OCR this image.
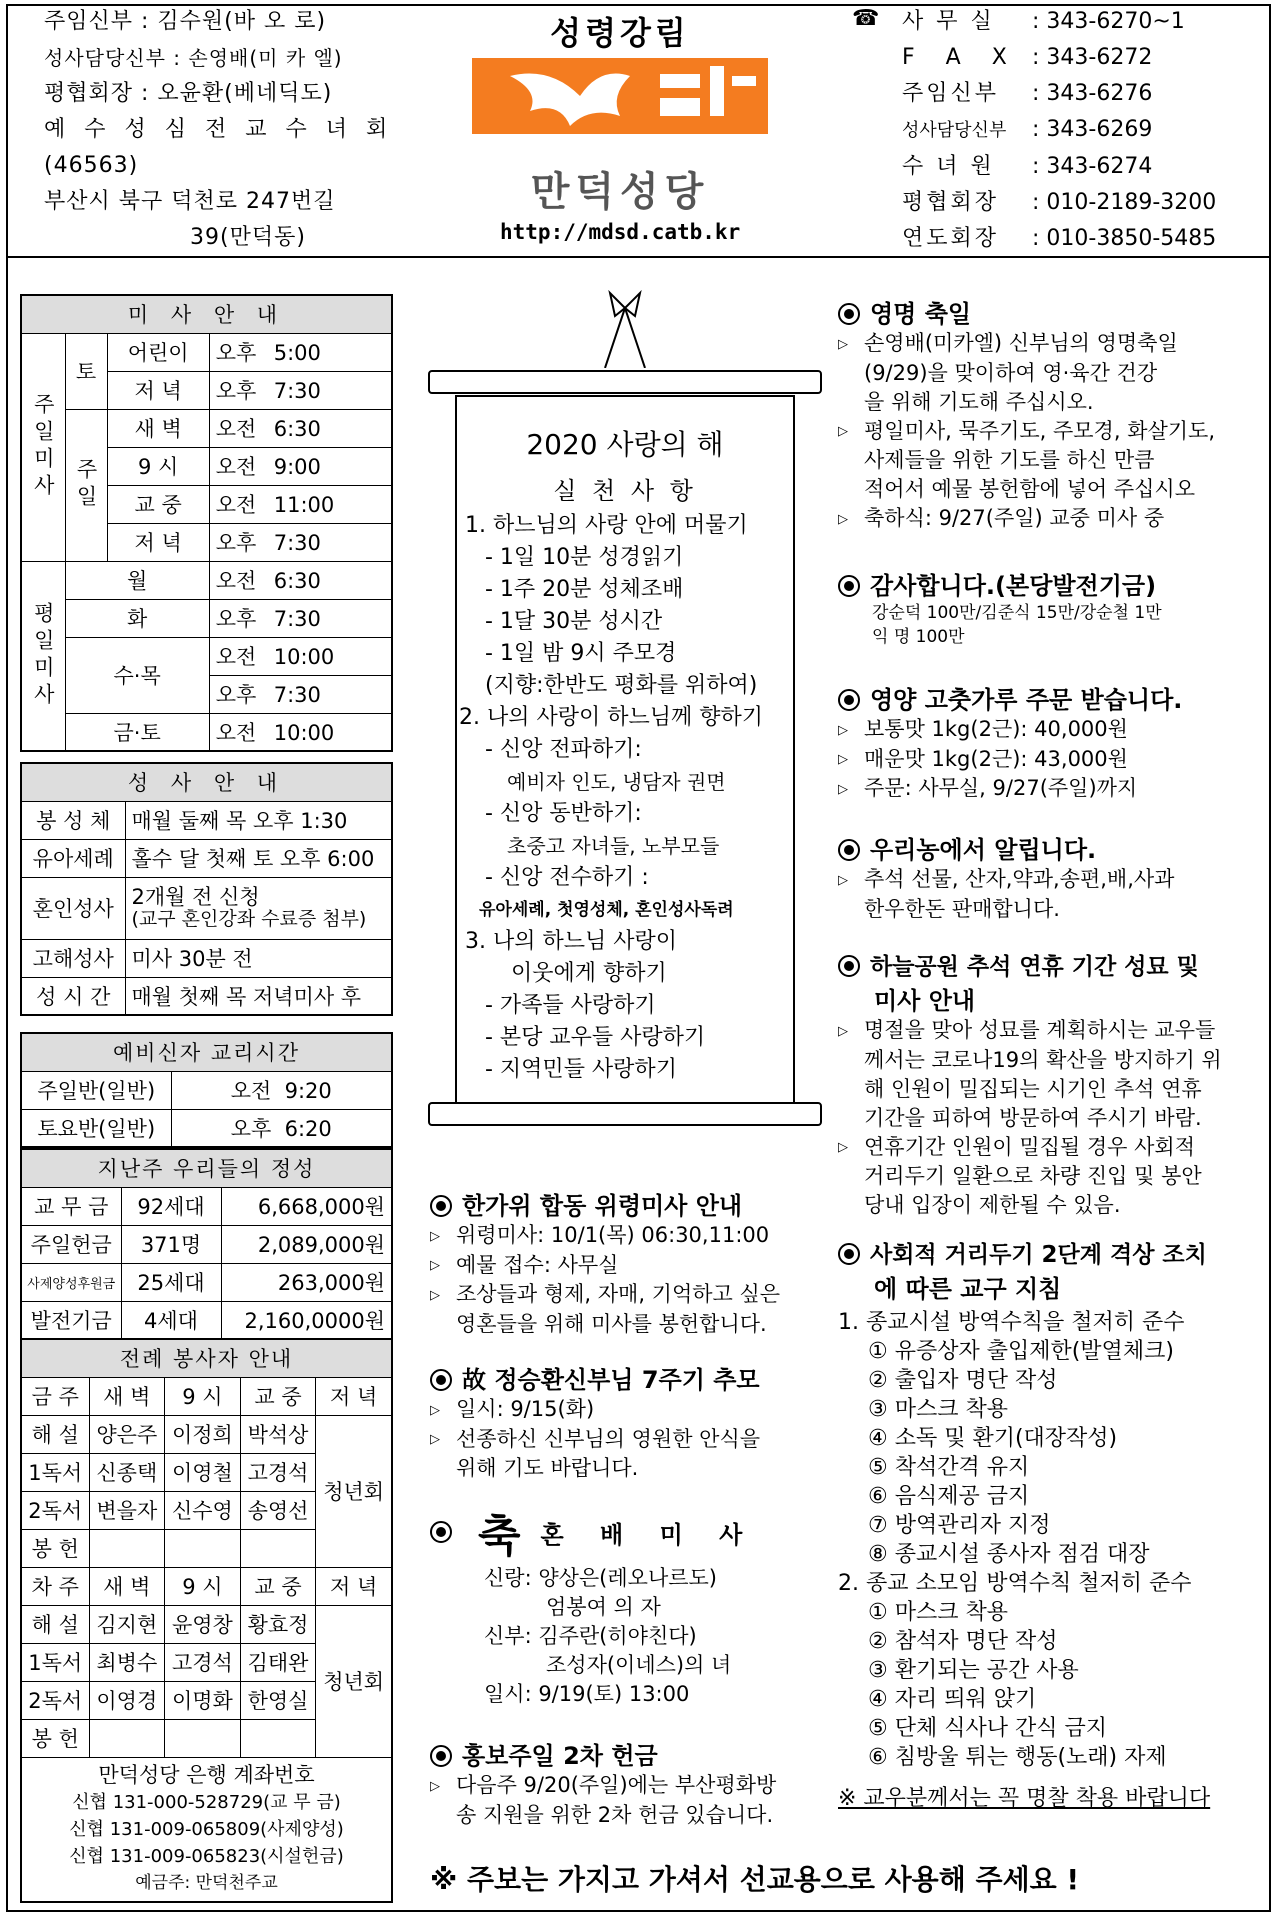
주임신부 : 김수원(바 오 로)
성사담당신부 : 손영배(미 카 엘)
평협회장 : 오윤환(베네딕도)
예 수 성 심 전 교 수 녀 회
(46563)
부산시 북구 덕천로 247번길
39(만덕동)
성령강림
만덕성당
http://mdsd.catb.kr
☎ 사 무 실 : 343-6270~1
F A X : 343-6272
주임신부 : 343-6276
성사담당신부 : 343-6269
수 녀 원 : 343-6274
평협회장 : 010-2189-3200
연도회장 : 010-3850-5485
미 사 안 내			

주일미사	토	어린이	오후 5:00
		저 녁	오후 7:30

	주일	새 벽	오전 6:30
		9 시	오전 9:00
		교 중	오전 11:00
		저 녁	오후 7:30

평일미사	월		오전 6:30
	화		오후 7:30
	수·목		오전 10:00
			오후 7:30
	금·토		오전 10:00
성 사 안 내	
봉 성 체	매월 둘째 목 오후 1:30
유아세례	홀수 달 첫째 토 오후 6:00
혼인성사	2개월 전 신청
(교구 혼인강좌 수료증 첨부)

고해성사	미사 30분 전
성 시 간	매월 첫째 목 저녁미사 후
예비신자 교리시간	
주일반(일반)	오전  9:20
토요반(일반)	오후  6:20
지난주 우리들의 정성		
교 무 금	92세대	6,668,000원
주일헌금	371명	2,089,000원
사제양성후원금	25세대	263,000원
발전기금	4세대	2,160,0000원
전례 봉사자 안내				
금 주	새 벽	9 시	교 중	저 녁
해 설	양은주	이정희	박석상	청년회
1독서	신종택	이영철	고경석	
2독서	변을자	신수영	송영선	
봉 헌				
차 주	새 벽	9 시	교 중	저 녁
해 설	김지현	윤영창	황효정	청년회
1독서	최병수	고경석	김태완	
2독서	이영경	이명화	한영실	
봉 헌				

만덕성당 은행 계좌번호
신협 131-000-528729(교 무 금)
신협 131-009-065809(사제양성)
신협 131-009-065823(시설헌금)
예금주: 만덕천주교				
2020 사랑의 해
실 천 사 항
1. 하느님의 사랑 안에 머물기
- 1일 10분 성경읽기
- 1주 20분 성체조배
- 1달 30분 성시간
- 1일 밤 9시 주모경
(지향:한반도 평화를 위하여)
2. 나의 사랑이 하느님께 향하기
- 신앙 전파하기:
예비자 인도, 냉담자 권면
- 신앙 동반하기:
초중고 자녀들, 노부모들
- 신앙 전수하기 :
유아세례, 첫영성체, 혼인성사독려
3. 나의 하느님 사랑이
이웃에게 향하기
- 가족들 사랑하기
- 본당 교우들 사랑하기
- 지역민들 사랑하기
한가위 합동 위령미사 안내
▷ 위령미사: 10/1(목) 06:30,11:00
▷ 예물 접수: 사무실
▷ 조상들과 형제, 자매, 기억하고 싶은
영혼들을 위해 미사를 봉헌합니다.
故 정승환신부님 7주기 추모
▷ 일시: 9/15(화)
▷ 선종하신 신부님의 영원한 안식을
위해 기도 바랍니다.
축 혼 배 미 사
신랑: 양상은(레오나르도)
엄봉여 의 자
신부: 김주란(히야친다)
조성자(이네스)의 녀
일시: 9/19(토) 13:00
홍보주일 2차 헌금
▷ 다음주 9/20(주일)에는 부산평화방
송 지원을 위한 2차 헌금 있습니다.
영명 축일
▷ 손영배(미카엘) 신부님의 영명축일
(9/29)을 맞이하여 영·육간 건강
을 위해 기도해 주십시오.
▷ 평일미사, 묵주기도, 주모경, 화살기도,
사제들을 위한 기도를 하신 만큼
적어서 예물 봉헌함에 넣어 주십시오
▷ 축하식: 9/27(주일) 교중 미사 중
감사합니다.(본당발전기금)
강순덕 100만/김준식 15만/강순철 1만
익 명 100만
영양 고춧가루 주문 받습니다.
▷ 보통맛 1kg(2근): 40,000원
▷ 매운맛 1kg(2근): 43,000원
▷ 주문: 사무실, 9/27(주일)까지
우리농에서 알립니다.
▷ 추석 선물, 산자,약과,송편,배,사과
한우한돈 판매합니다.
하늘공원 추석 연휴 기간 성묘 및
미사 안내
▷ 명절을 맞아 성묘를 계획하시는 교우들
께서는 코로나19의 확산을 방지하기 위
해 인원이 밀집되는 시기인 추석 연휴
기간을 피하여 방문하여 주시기 바람.
▷ 연휴기간 인원이 밀집될 경우 사회적
거리두기 일환으로 차량 진입 및 봉안
당내 입장이 제한될 수 있음.
사회적 거리두기 2단계 격상 조치
에 따른 교구 지침
1. 종교시설 방역수칙을 철저히 준수
① 유증상자 출입제한(발열체크)
② 출입자 명단 작성
③ 마스크 착용
④ 소독 및 환기(대장작성)
⑤ 착석간격 유지
⑥ 음식제공 금지
⑦ 방역관리자 지정
⑧ 종교시설 종사자 점검 대장
2. 종교 소모임 방역수칙 철저히 준수
① 마스크 착용
② 참석자 명단 작성
③ 환기되는 공간 사용
④ 자리 띄워 앉기
⑤ 단체 식사나 간식 금지
⑥ 침방울 튀는 행동(노래) 자제
※ 교우분께서는 꼭 명찰 착용 바랍니다
※ 주보는 가지고 가셔서 선교용으로 사용해 주세요 !
